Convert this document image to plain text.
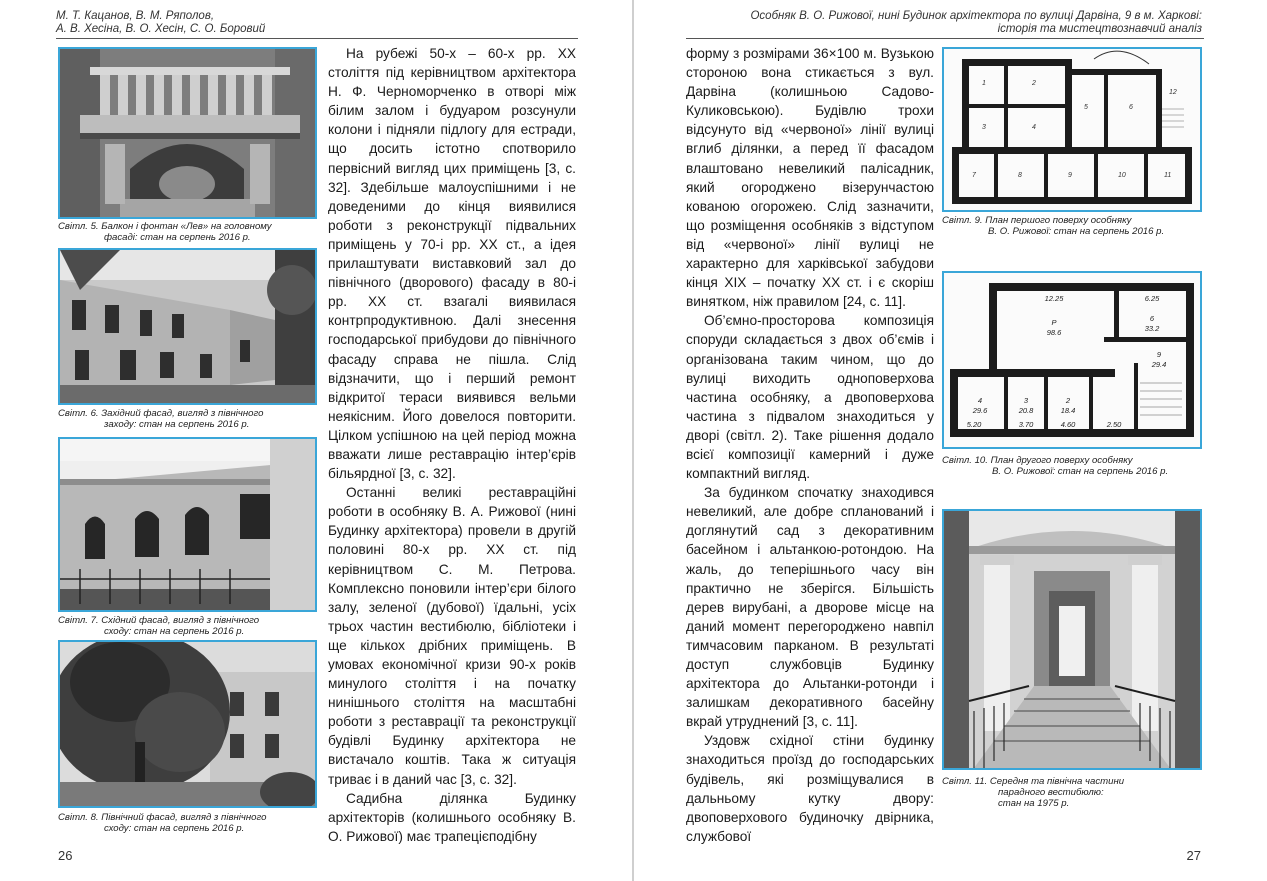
М. Т. Кацанов, В. М. Ряполов,
А. В. Хесіна, В. О. Хесін, С. О. Боровий
Світл. 5. Балкон і фонтан «Лев» на головному
фасаді: стан на серпень 2016 р.
Світл. 6. Західний фасад, вигляд з північного
заходу: стан на серпень 2016 р.
Світл. 7. Східний фасад, вигляд з північного
сходу: стан на серпень 2016 р.
Світл. 8. Північний фасад, вигляд з північного
сходу: стан на серпень 2016 р.

На рубежі 50-х – 60-х рр. XX століття під керівництвом архітектора Н. Ф. Черноморченко в отворі між білим залом і будуаром розсунули колони і підняли підлогу для естради, що досить істотно спотворило первісний вигляд цих приміщень [3, с. 32]. Здебільше малоуспішними і не доведеними до кінця виявилися роботи з реконструкції підвальних приміщень у 70-і рр. XX ст., а ідея прилаштувати виставковий зал до північного (дворового) фасаду в 80-і рр. XX ст. взагалі виявилася контрпродуктивною. Далі знесення господарської прибудови до північного фасаду справа не пішла. Слід відзначити, що і перший ремонт відкритої тераси виявився вельми неякісним. Його довелося повторити. Цілком успішною на цей період можна вважати лише реставрацію інтер’єрів більярдної [3, с. 32].

Останні великі реставраційні роботи в особняку В. А. Рижової (нині Будинку архітектора) провели в другій половині 80-х рр. XX ст. під керівництвом С. М. Петрова. Комплексно поновили інтер’єри білого залу, зеленої (дубової) їдальні, усіх трьох частин вестибюлю, бібліотеки і ще кількох дрібних приміщень. В умовах економічної кризи 90-х років минулого століття і на початку нинішнього століття на масштабні роботи з реставрації та реконструкції будівлі Будинку архітектора не вистачало коштів. Така ж ситуація триває і в даний час [3, с. 32].

Садибна ділянка Будинку архітекторів (колишнього особняку В. О. Рижової) має трапецієподібну

26
Особняк В. О. Рижової, нині Будинок архітектора по вулиці Дарвіна, 9 в м. Харкові:
історія та мистецтвознавчий аналіз

форму з розмірами 36×100 м. Вузькою стороною вона стикається з вул. Дарвіна (колишньою Садово-Куликовською). Будівлю трохи відсунуто від «червоної» лінії вулиці вглиб ділянки, а перед її фасадом влаштовано невеликий палісадник, який огороджено візерунчастою кованою огорожею. Слід зазначити, що розміщення особняків з відступом від «червоної» лінії вулиці не характерно для харківської забудови кінця XIX – початку XX ст. і є скоріш винятком, ніж правилом [24, с. 11].

Об’ємно-просторова композиція споруди складається з двох об’ємів і організована таким чином, що до вулиці виходить одноповерхова частина особняку, а двоповерхова частина з підвалом знаходиться у дворі (світл. 2). Таке рішення додало всієї композиції камерний і дуже компактний вигляд.

За будинком спочатку знаходився невеликий, але добре спланований і доглянутий сад з декоративним басейном і альтанкою-ротондою. На жаль, до теперішнього часу він практично не зберігся. Більшість дерев вирубані, а дворове місце на даний момент перегороджено навпіл тимчасовим парканом. В результаті доступ службовців Будинку архітектора до Альтанки-ротонди і залишкам декоративного басейну вкрай утруднений [3, с. 11].

Уздовж східної стіни будинку знаходиться проїзд до господарських будівель, які розміщувалися в дальньому кутку двору: двоповерхового будиночку двірника, службової

1	2
3	4
5	6
7	8	9	10	11
12
Світл. 9. План першого поверху особняку
В. О. Рижової: стан на серпень 2016 р.
12.25	6.25
Р
98.6
6
33.2
9
29.4
4
29.6
3
20.8
2
18.4
5.20	3.70	4.60	2.50
Світл. 10. План другого поверху особняку
В. О. Рижової: стан на серпень 2016 р.
Світл. 11. Середня та північна частини
парадного вестибюлю:
стан на 1975 р.
27
